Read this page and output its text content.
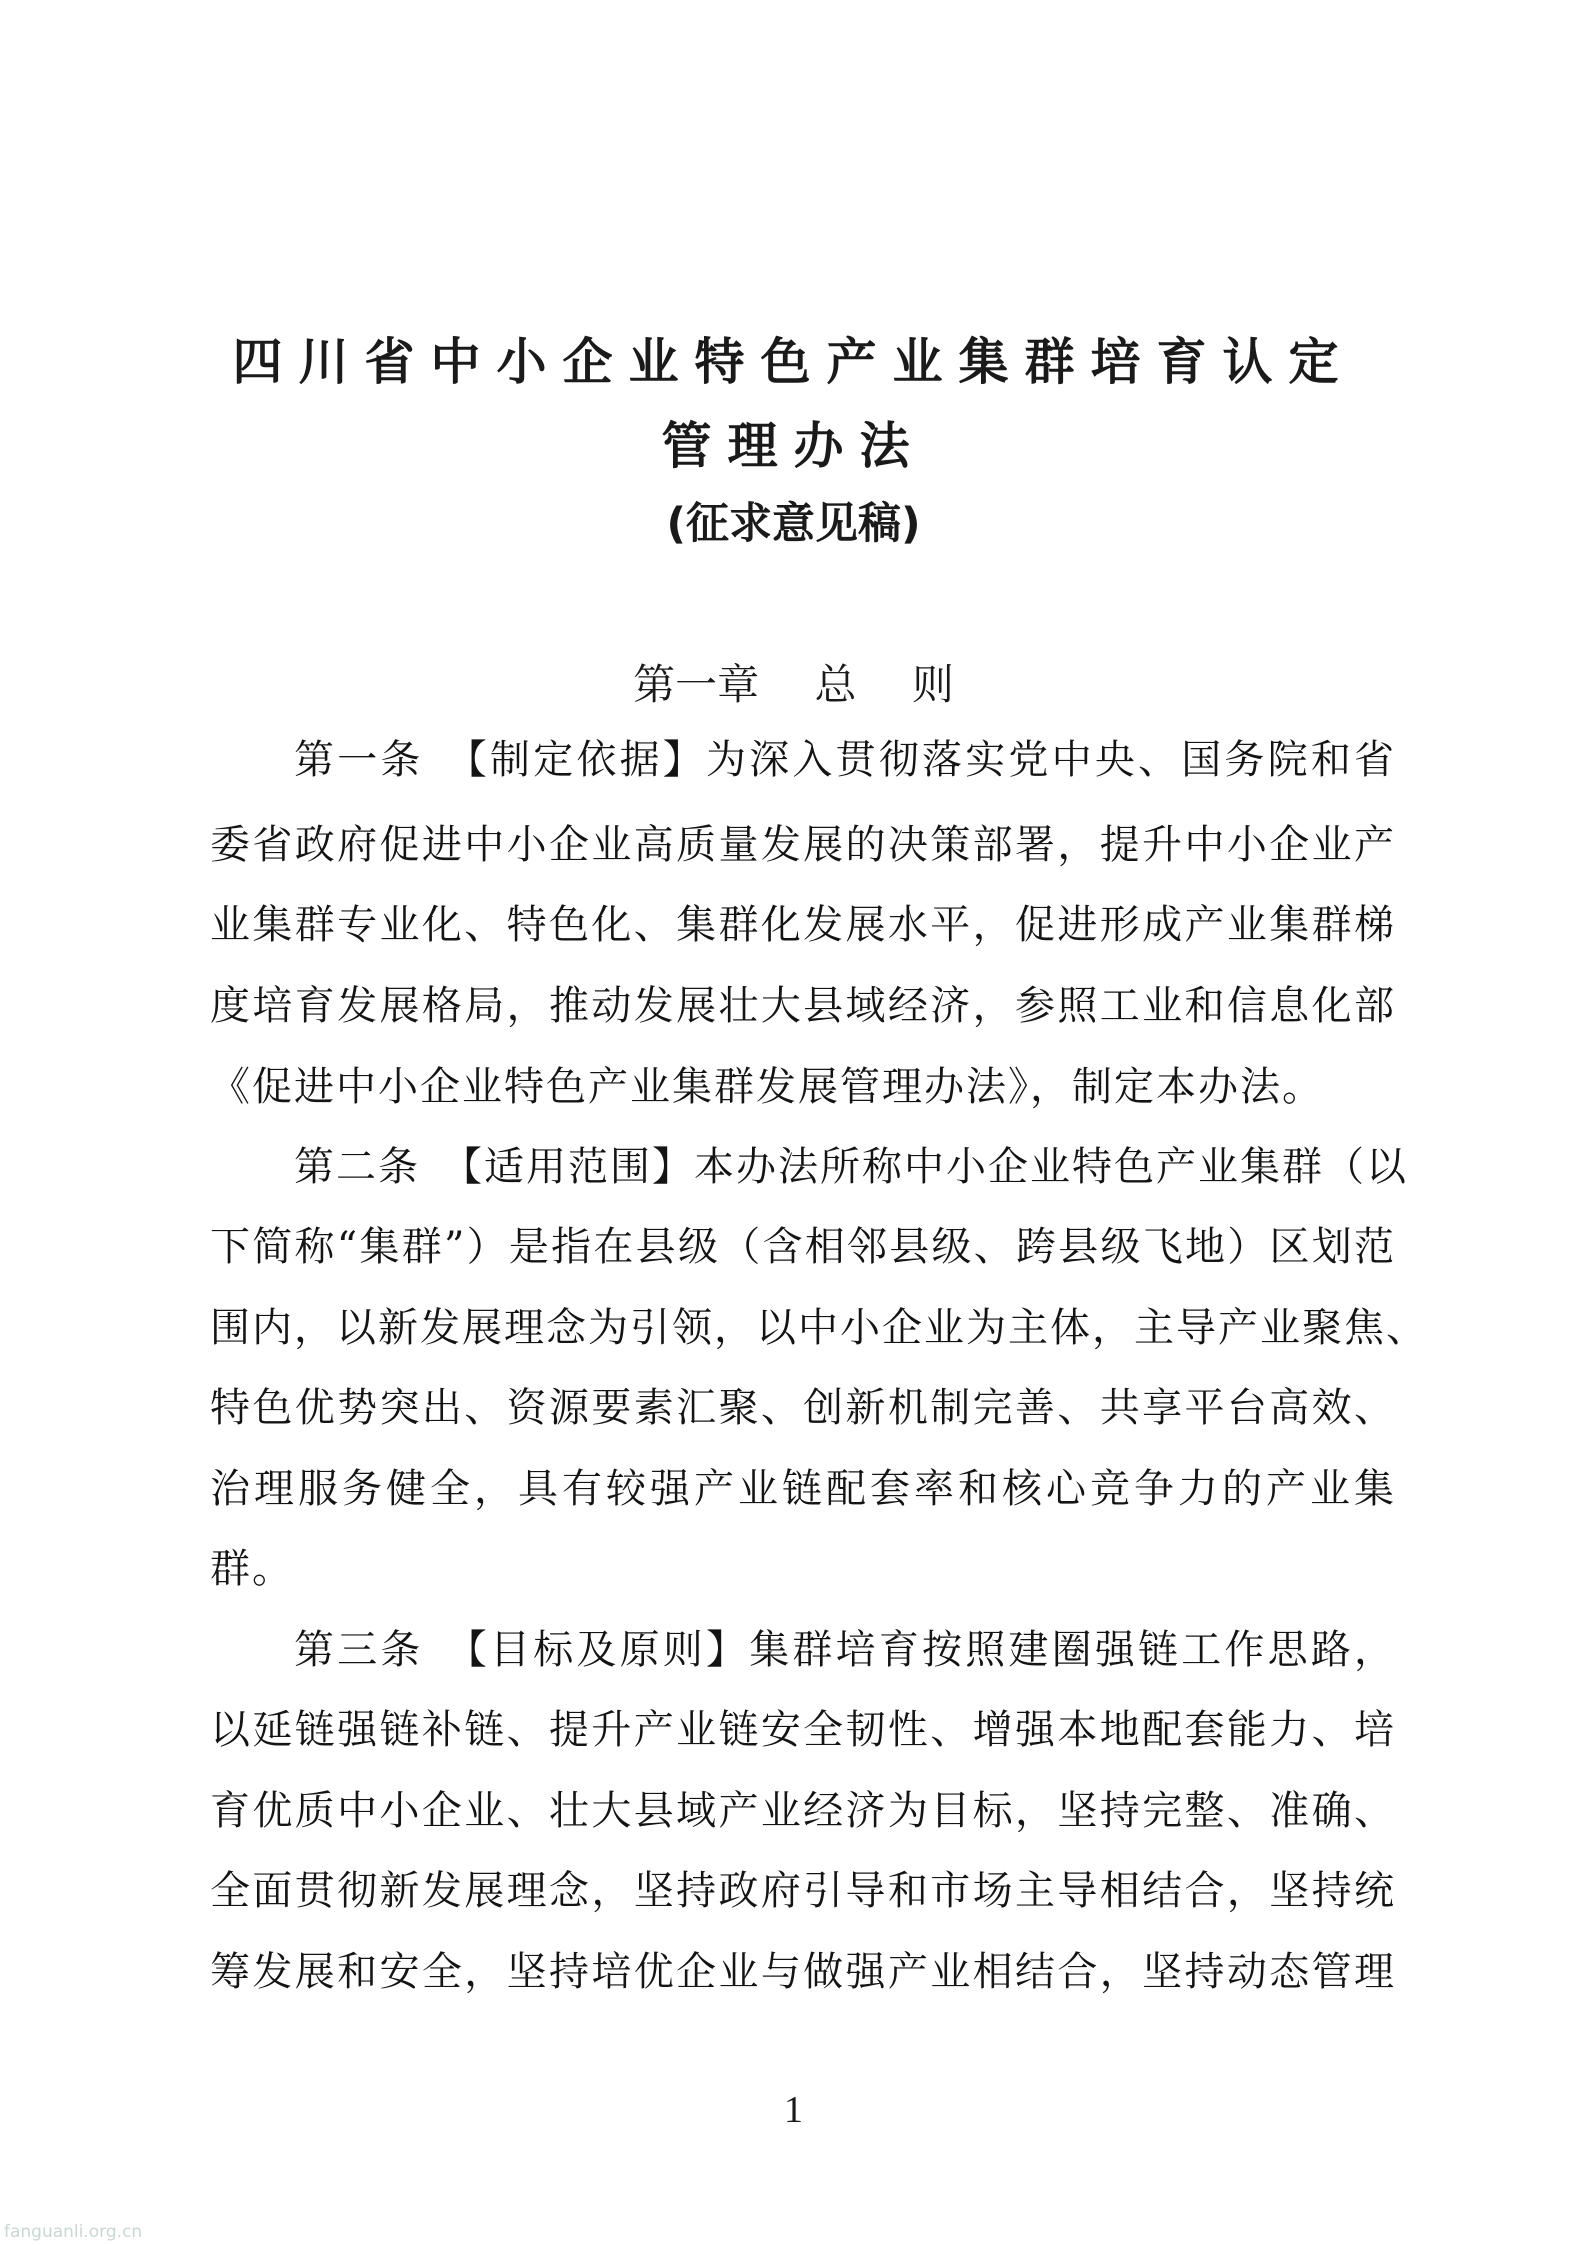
四川省中小企业特色产业集群培育认定
管理办法
(征求意见稿)
第一章　 总　 则
第一条  【制定依据】为深入贯彻落实党中央、国务院和省
委省政府促进中小企业高质量发展的决策部署，提升中小企业产
业集群专业化、特色化、集群化发展水平，促进形成产业集群梯
度培育发展格局，推动发展壮大县域经济，参照工业和信息化部
《促进中小企业特色产业集群发展管理办法》，制定本办法。
第二条  【适用范围】本办法所称中小企业特色产业集群（以
下简称“集群”）是指在县级（含相邻县级、跨县级飞地）区划范
围内，以新发展理念为引领，以中小企业为主体，主导产业聚焦、
特色优势突出、资源要素汇聚、创新机制完善、共享平台高效、
治理服务健全，具有较强产业链配套率和核心竞争力的产业集
群。
第三条  【目标及原则】集群培育按照建圈强链工作思路，
以延链强链补链、提升产业链安全韧性、增强本地配套能力、培
育优质中小企业、壮大县域产业经济为目标，坚持完整、准确、
全面贯彻新发展理念，坚持政府引导和市场主导相结合，坚持统
筹发展和安全，坚持培优企业与做强产业相结合，坚持动态管理
1
fanguanli.org.cn
